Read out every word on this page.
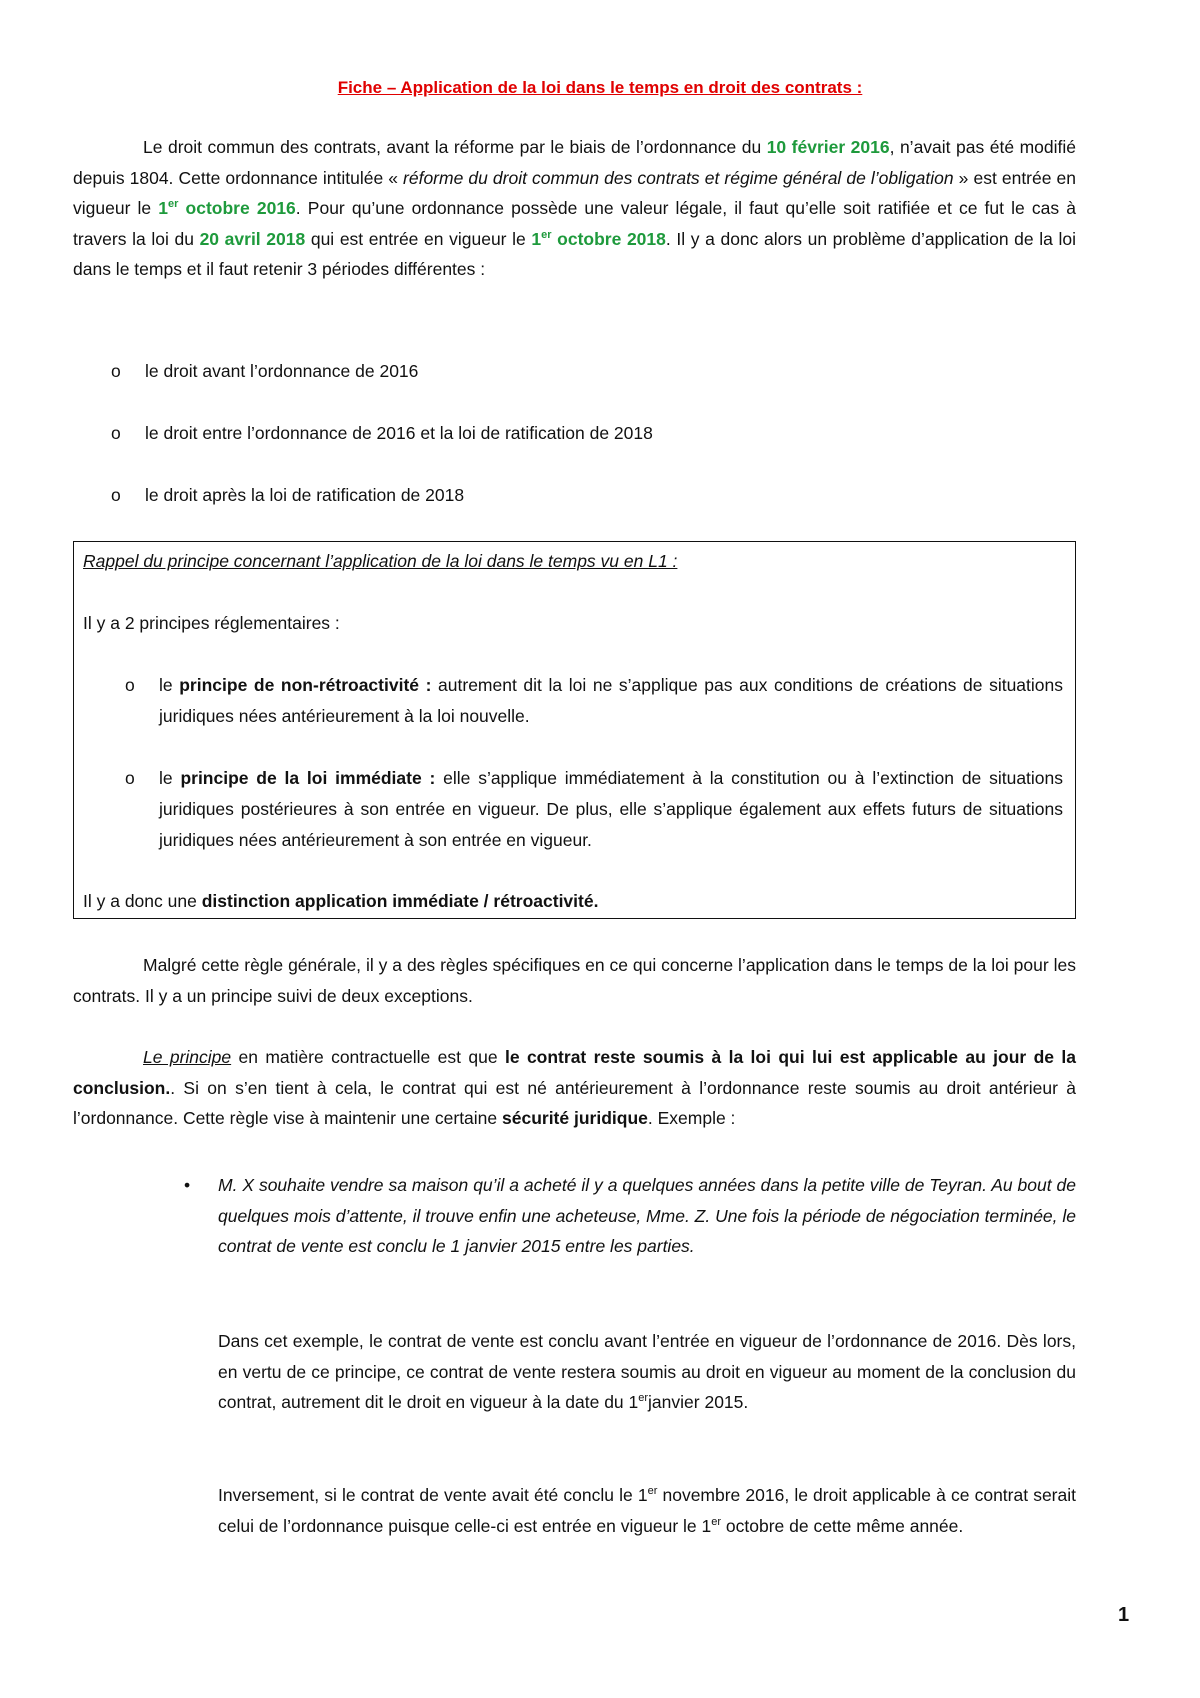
Fiche – Application de la loi dans le temps en droit des contrats :

Le droit commun des contrats, avant la réforme par le biais de l’ordonnance du 10 février 2016, n’avait pas été modifié depuis 1804. Cette ordonnance intitulée « réforme du droit commun des contrats et régime général de l’obligation » est entrée en vigueur le 1er octobre 2016. Pour qu’une ordonnance possède une valeur légale, il faut qu’elle soit ratifiée et ce fut le cas à travers la loi du 20 avril 2018 qui est entrée en vigueur le 1er octobre 2018. Il y a donc alors un problème d’application de la loi dans le temps et il faut retenir 3 périodes différentes :

o le droit avant l’ordonnance de 2016
o le droit entre l’ordonnance de 2016 et la loi de ratification de 2018
o le droit après la loi de ratification de 2018
Rappel du principe concernant l’application de la loi dans le temps vu en L1 :
Il y a 2 principes réglementaires :
o le principe de non-rétroactivité : autrement dit la loi ne s’applique pas aux conditions de créations de situations juridiques nées antérieurement à la loi nouvelle.
o le principe de la loi immédiate : elle s’applique immédiatement à la constitution ou à l’extinction de situations juridiques postérieures à son entrée en vigueur. De plus, elle s’applique également aux effets futurs de situations juridiques nées antérieurement à son entrée en vigueur.
Il y a donc une distinction application immédiate / rétroactivité.

Malgré cette règle générale, il y a des règles spécifiques en ce qui concerne l’application dans le temps de la loi pour les contrats. Il y a un principe suivi de deux exceptions.

Le principe en matière contractuelle est que le contrat reste soumis à la loi qui lui est applicable au jour de la conclusion.. Si on s’en tient à cela, le contrat qui est né antérieurement à l’ordonnance reste soumis au droit antérieur à l’ordonnance. Cette règle vise à maintenir une certaine sécurité juridique. Exemple :

• M. X souhaite vendre sa maison qu’il a acheté il y a quelques années dans la petite ville de Teyran. Au bout de quelques mois d’attente, il trouve enfin une acheteuse, Mme. Z. Une fois la période de négociation terminée, le contrat de vente est conclu le 1 janvier 2015 entre les parties.

Dans cet exemple, le contrat de vente est conclu avant l’entrée en vigueur de l’ordonnance de 2016. Dès lors, en vertu de ce principe, ce contrat de vente restera soumis au droit en vigueur au moment de la conclusion du contrat, autrement dit le droit en vigueur à la date du 1erjanvier 2015.

Inversement, si le contrat de vente avait été conclu le 1er novembre 2016, le droit applicable à ce contrat serait celui de l’ordonnance puisque celle-ci est entrée en vigueur le 1er octobre de cette même année.

1
